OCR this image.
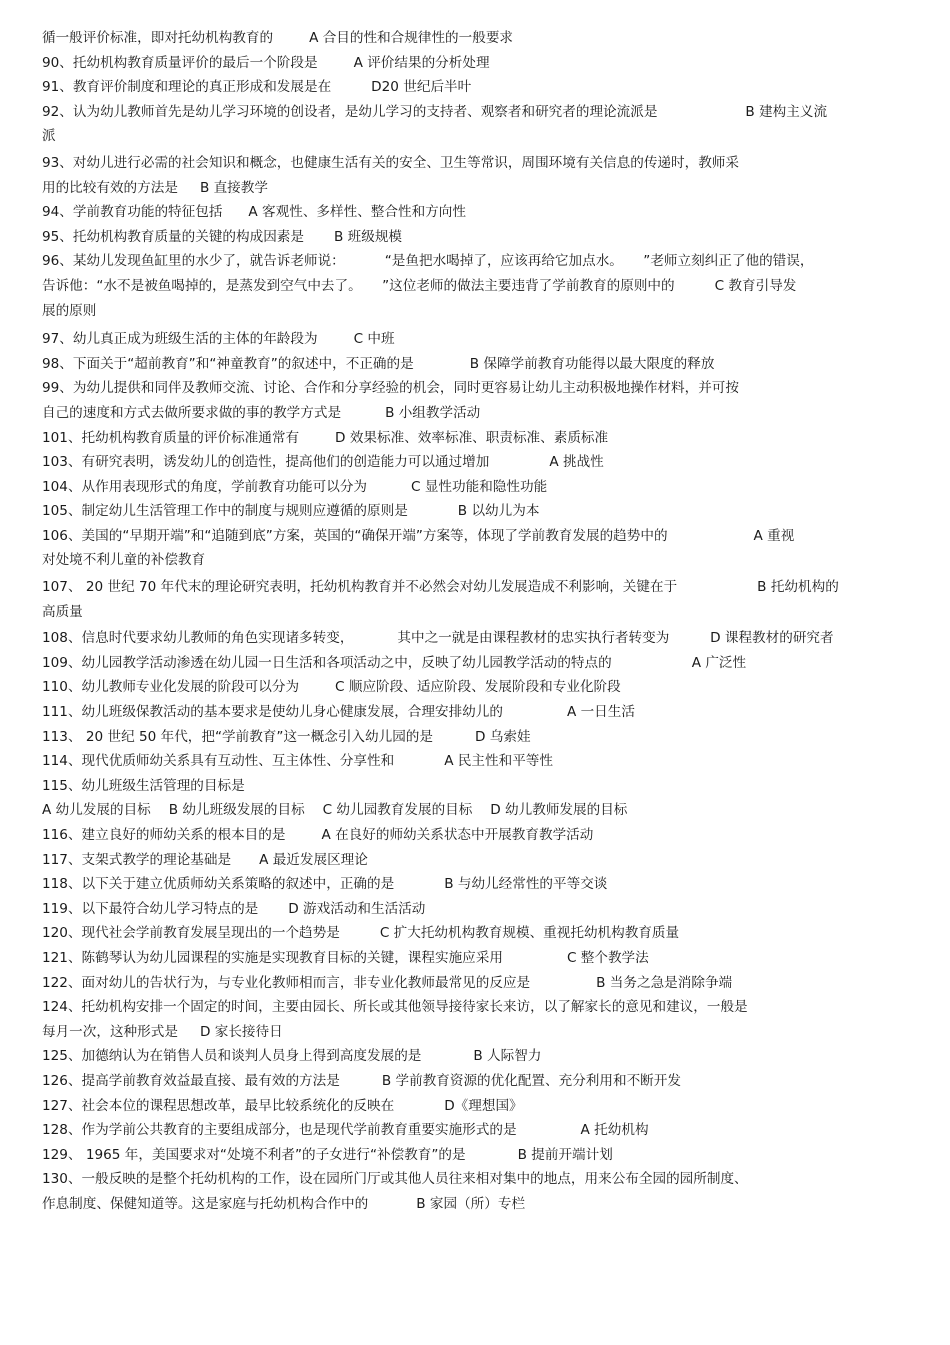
循一般评价标准，即对托幼机构教育的	A 合目的性和合规律性的一般要求
90、托幼机构教育质量评价的最后一个阶段是	A 评价结果的分析处理
91、教育评价制度和理论的真正形成和发展是在	D20 世纪后半叶
92、认为幼儿教师首先是幼儿学习环境的创设者，是幼儿学习的支持者、观察者和研究者的理论流派是	B 建构主义流
派
93、对幼儿进行必需的社会知识和概念，也健康生活有关的安全、卫生等常识，周围环境有关信息的传递时，教师采
用的比较有效的方法是 B 直接教学
94、学前教育功能的特征包括 A 客观性、多样性、整合性和方向性
95、托幼机构教育质量的关键的构成因素是 B 班级规模
96、某幼儿发现鱼缸里的水少了，就告诉老师说：	“是鱼把水喝掉了，应该再给它加点水。　　”老师立刻纠正了他的错误，
告诉他：“水不是被鱼喝掉的，是蒸发到空气中去了。　　”这位老师的做法主要违背了学前教育的原则中的	C 教育引导发
展的原则
97、幼儿真正成为班级生活的主体的年龄段为	C 中班
98、下面关于“超前教育”和“神童教育”的叙述中，不正确的是	B 保障学前教育功能得以最大限度的释放
99、为幼儿提供和同伴及教师交流、讨论、合作和分享经验的机会，同时更容易让幼儿主动积极地操作材料，并可按
自己的速度和方式去做所要求做的事的教学方式是	B 小组教学活动
101、托幼机构教育质量的评价标准通常有	D 效果标准、效率标准、职责标准、素质标准
103、有研究表明，诱发幼儿的创造性，提高他们的创造能力可以通过增加	A 挑战性
104、从作用表现形式的角度，学前教育功能可以分为	C 显性功能和隐性功能
105、制定幼儿生活管理工作中的制度与规则应遵循的原则是	B 以幼儿为本
106、美国的“早期开端”和“追随到底”方案，英国的“确保开端”方案等，体现了学前教育发展的趋势中的	A 重视
对处境不利儿童的补偿教育
107、 20 世纪 70 年代末的理论研究表明，托幼机构教育并不必然会对幼儿发展造成不利影响，关键在于	B 托幼机构的
高质量
108、信息时代要求幼儿教师的角色实现诸多转变，	其中之一就是由课程教材的忠实执行者转变为　　　D 课程教材的研究者
109、幼儿园教学活动渗透在幼儿园一日生活和各项活动之中，反映了幼儿园教学活动的特点的	A 广泛性
110、幼儿教师专业化发展的阶段可以分为	C 顺应阶段、适应阶段、发展阶段和专业化阶段
111、幼儿班级保教活动的基本要求是使幼儿身心健康发展，合理安排幼儿的	A 一日生活
113、 20 世纪 50 年代，把“学前教育”这一概念引入幼儿园的是	D 乌索娃
114、现代优质师幼关系具有互动性、互主体性、分享性和	A 民主性和平等性
115、幼儿班级生活管理的目标是
A 幼儿发展的目标　 B 幼儿班级发展的目标　 C 幼儿园教育发展的目标　 D 幼儿教师发展的目标
116、建立良好的师幼关系的根本目的是	A 在良好的师幼关系状态中开展教育教学活动
117、支架式教学的理论基础是 A 最近发展区理论
118、以下关于建立优质师幼关系策略的叙述中，正确的是	B 与幼儿经常性的平等交谈
119、以下最符合幼儿学习特点的是 D 游戏活动和生活活动
120、现代社会学前教育发展呈现出的一个趋势是	C 扩大托幼机构教育规模、重视托幼机构教育质量
121、陈鹤琴认为幼儿园课程的实施是实现教育目标的关键，课程实施应采用	C 整个教学法
122、面对幼儿的告状行为，与专业化教师相而言，非专业化教师最常见的反应是	B 当务之急是消除争端
124、托幼机构安排一个固定的时间，主要由园长、所长或其他领导接待家长来访，以了解家长的意见和建议，一般是
每月一次，这种形式是 D 家长接待日
125、加德纳认为在销售人员和谈判人员身上得到高度发展的是	B 人际智力
126、提高学前教育效益最直接、最有效的方法是	B 学前教育资源的优化配置、充分利用和不断开发
127、社会本位的课程思想改革，最早比较系统化的反映在	D《理想国》
128、作为学前公共教育的主要组成部分，也是现代学前教育重要实施形式的是	A 托幼机构
129、 1965 年，美国要求对“处境不利者”的子女进行“补偿教育”的是	B 提前开端计划
130、一般反映的是整个托幼机构的工作，设在园所门厅或其他人员往来相对集中的地点，用来公布全园的园所制度、
作息制度、保健知道等。这是家庭与托幼机构合作中的	B 家园（所）专栏
